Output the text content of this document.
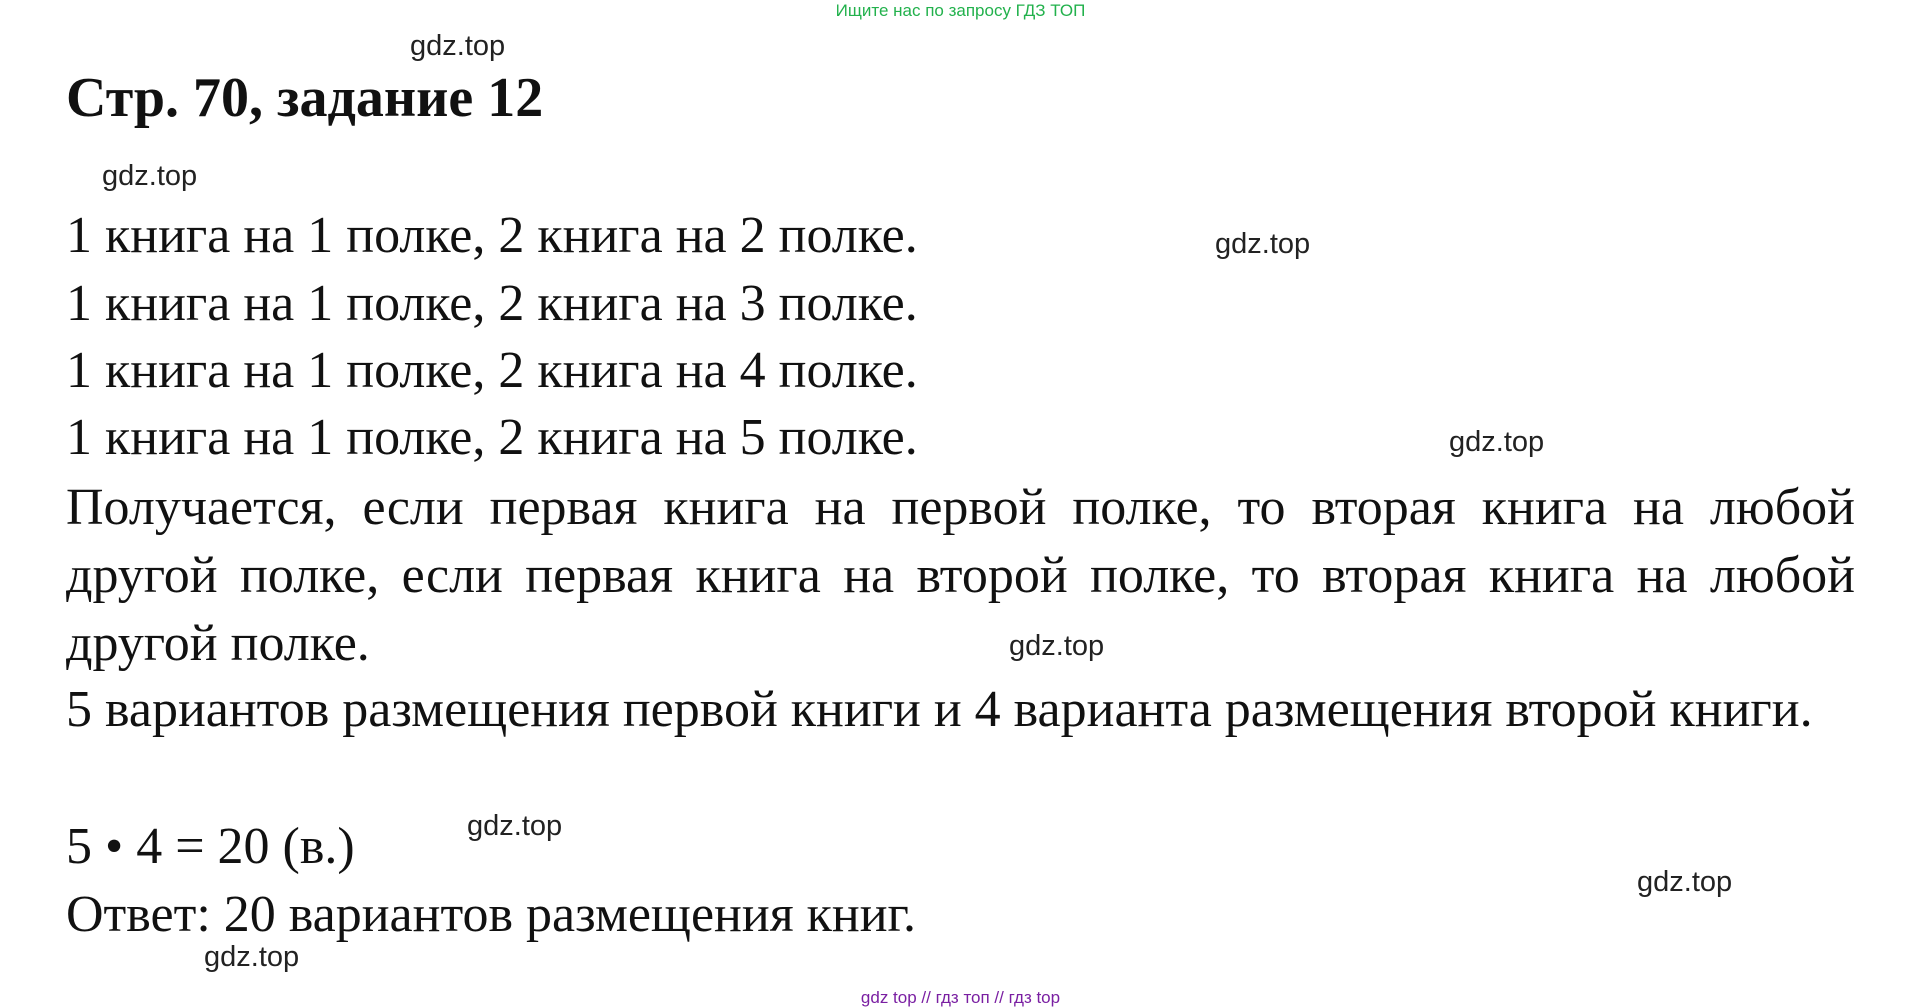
Ищите нас по запросу ГДЗ ТОП
gdz.top
Стр. 70, задание 12
gdz.top
1 книга на 1 полке, 2 книга на 2 полке.	gdz.top
1 книга на 1 полке, 2 книга на 3 полке.
1 книга на 1 полке, 2 книга на 4 полке.
1 книга на 1 полке, 2 книга на 5 полке.	gdz.top
Получается, если первая книга на первой полке, то вторая книга на любой другой полке, если первая книга на второй полке, то вторая книга на любой другой полке.	gdz.top
5 вариантов размещения первой книги и 4 варианта размещения второй книги.
5 • 4 = 20 (в.)	gdz.top
gdz.top
Ответ: 20 вариантов размещения книг.
gdz.top
gdz top // гдз топ // гдз top
